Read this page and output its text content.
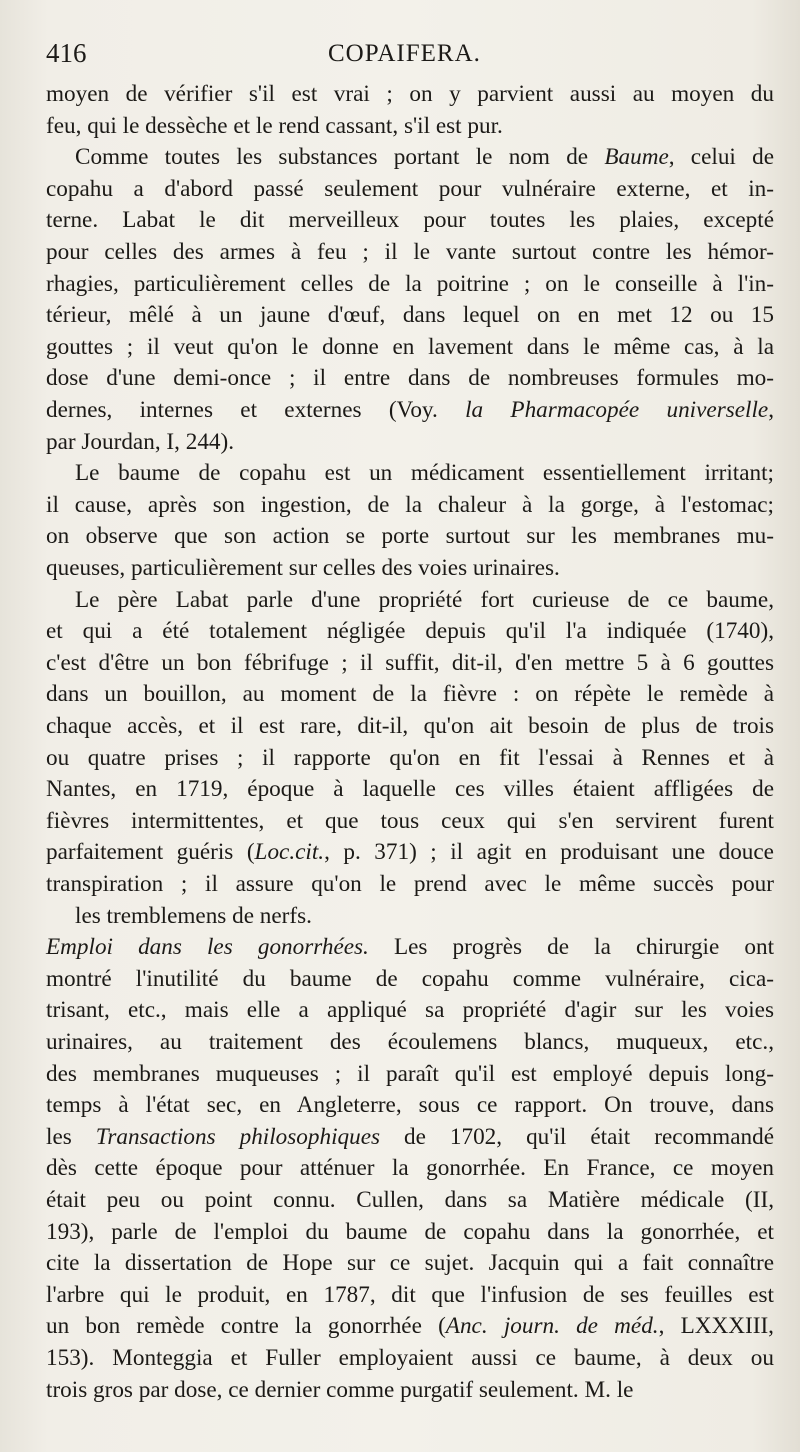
416	COPAIFERA.
moyen de vérifier s'il est vrai ; on y parvient aussi au moyen du
feu, qui le dessèche et le rend cassant, s'il est pur.
Comme toutes les substances portant le nom de Baume, celui de
copahu a d'abord passé seulement pour vulnéraire externe, et in-
terne. Labat le dit merveilleux pour toutes les plaies, excepté
pour celles des armes à feu ; il le vante surtout contre les hémor-
rhagies, particulièrement celles de la poitrine ; on le conseille à l'in-
térieur, mêlé à un jaune d'œuf, dans lequel on en met 12 ou 15
gouttes ; il veut qu'on le donne en lavement dans le même cas, à la
dose d'une demi-once ; il entre dans de nombreuses formules mo-
dernes, internes et externes (Voy. la Pharmacopée universelle,
par Jourdan, I, 244).
Le baume de copahu est un médicament essentiellement irritant;
il cause, après son ingestion, de la chaleur à la gorge, à l'estomac;
on observe que son action se porte surtout sur les membranes mu-
queuses, particulièrement sur celles des voies urinaires.
Le père Labat parle d'une propriété fort curieuse de ce baume,
et qui a été totalement négligée depuis qu'il l'a indiquée (1740),
c'est d'être un bon fébrifuge ; il suffit, dit-il, d'en mettre 5 à 6 gouttes
dans un bouillon, au moment de la fièvre : on répète le remède à
chaque accès, et il est rare, dit-il, qu'on ait besoin de plus de trois
ou quatre prises ; il rapporte qu'on en fit l'essai à Rennes et à
Nantes, en 1719, époque à laquelle ces villes étaient affligées de
fièvres intermittentes, et que tous ceux qui s'en servirent furent
parfaitement guéris (Loc.cit., p. 371) ; il agit en produisant une douce
transpiration ; il assure qu'on le prend avec le même succès pour
les tremblemens de nerfs.
Emploi dans les gonorrhées. Les progrès de la chirurgie ont
montré l'inutilité du baume de copahu comme vulnéraire, cica-
trisant, etc., mais elle a appliqué sa propriété d'agir sur les voies
urinaires, au traitement des écoulemens blancs, muqueux, etc.,
des membranes muqueuses ; il paraît qu'il est employé depuis long-
temps à l'état sec, en Angleterre, sous ce rapport. On trouve, dans
les Transactions philosophiques de 1702, qu'il était recommandé
dès cette époque pour atténuer la gonorrhée. En France, ce moyen
était peu ou point connu. Cullen, dans sa Matière médicale (II,
193), parle de l'emploi du baume de copahu dans la gonorrhée, et
cite la dissertation de Hope sur ce sujet. Jacquin qui a fait connaître
l'arbre qui le produit, en 1787, dit que l'infusion de ses feuilles est
un bon remède contre la gonorrhée (Anc. journ. de méd., LXXXIII,
153). Monteggia et Fuller employaient aussi ce baume, à deux ou
trois gros par dose, ce dernier comme purgatif seulement. M. le
